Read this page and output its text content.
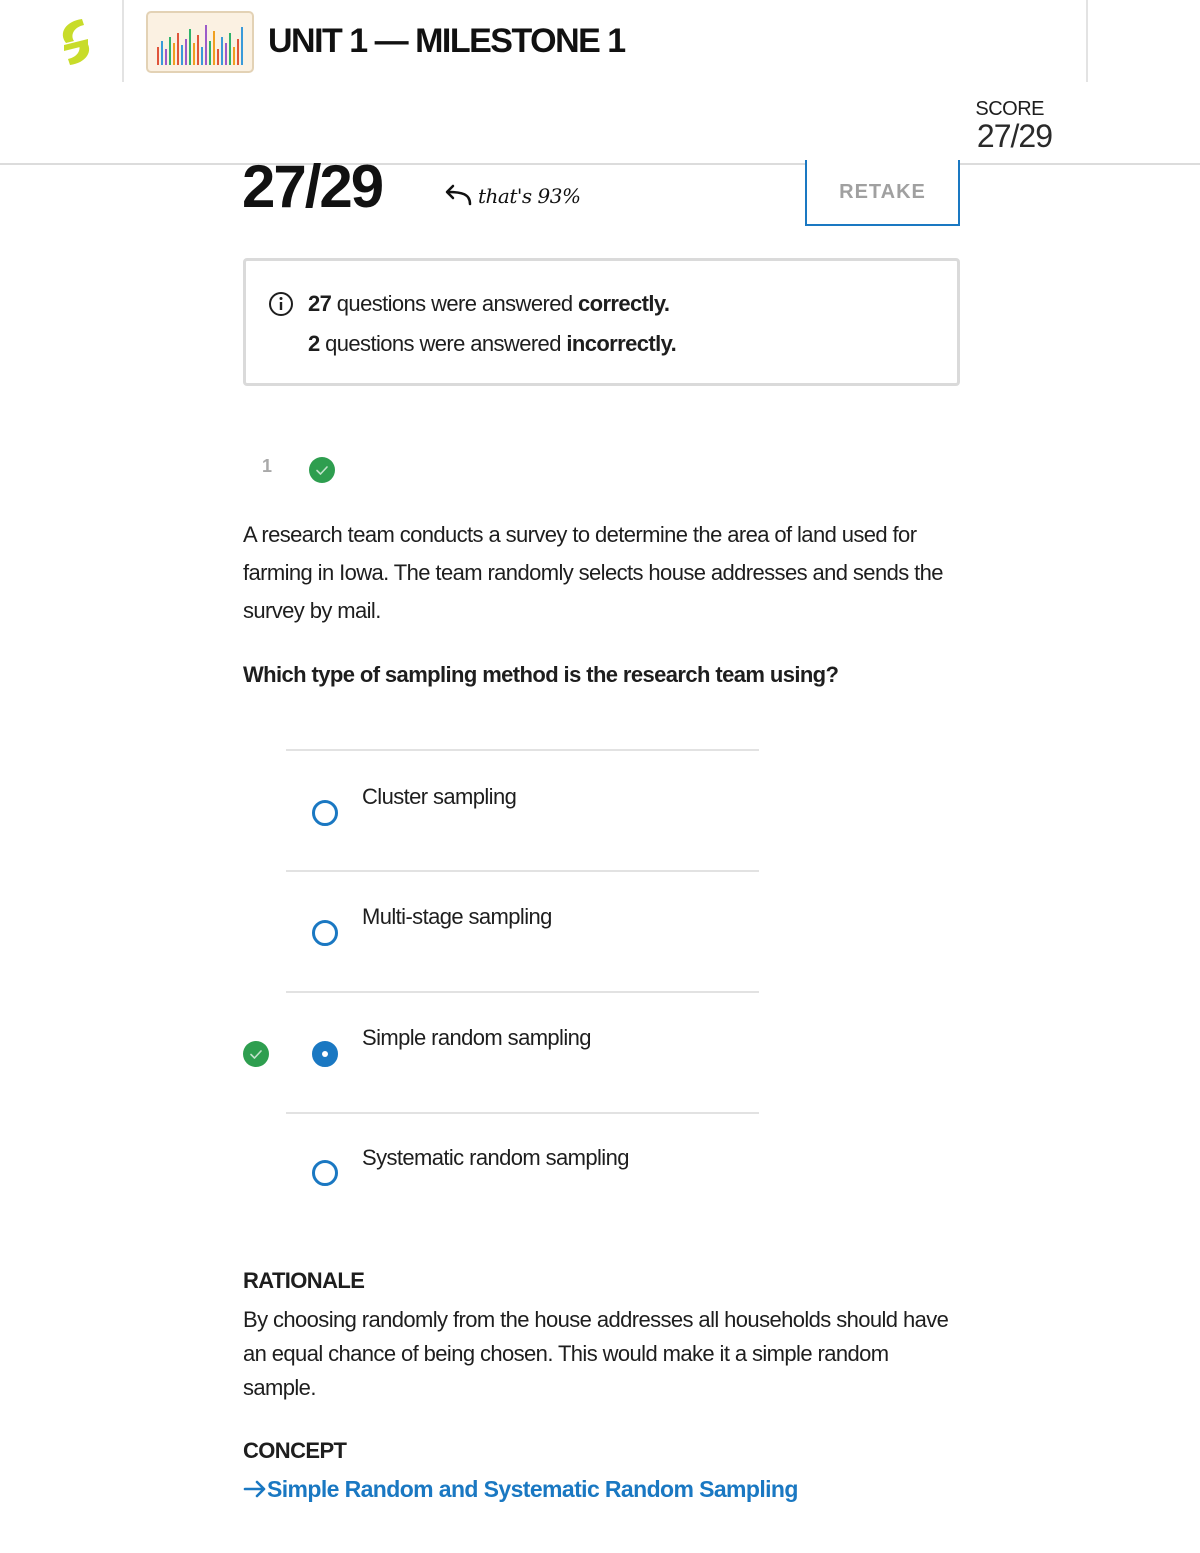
UNIT 1 — MILESTONE 1
SCORE
27/29
27/29	that's 93%	RETAKE
27 questions were answered correctly.
2 questions were answered incorrectly.
1
A research team conducts a survey to determine the area of land used for farming in Iowa. The team randomly selects house addresses and sends the survey by mail.
Which type of sampling method is the research team using?
Cluster sampling
Multi-stage sampling
Simple random sampling
Systematic random sampling
RATIONALE
By choosing randomly from the house addresses all households should have an equal chance of being chosen. This would make it a simple random sample.
CONCEPT
Simple Random and Systematic Random Sampling
